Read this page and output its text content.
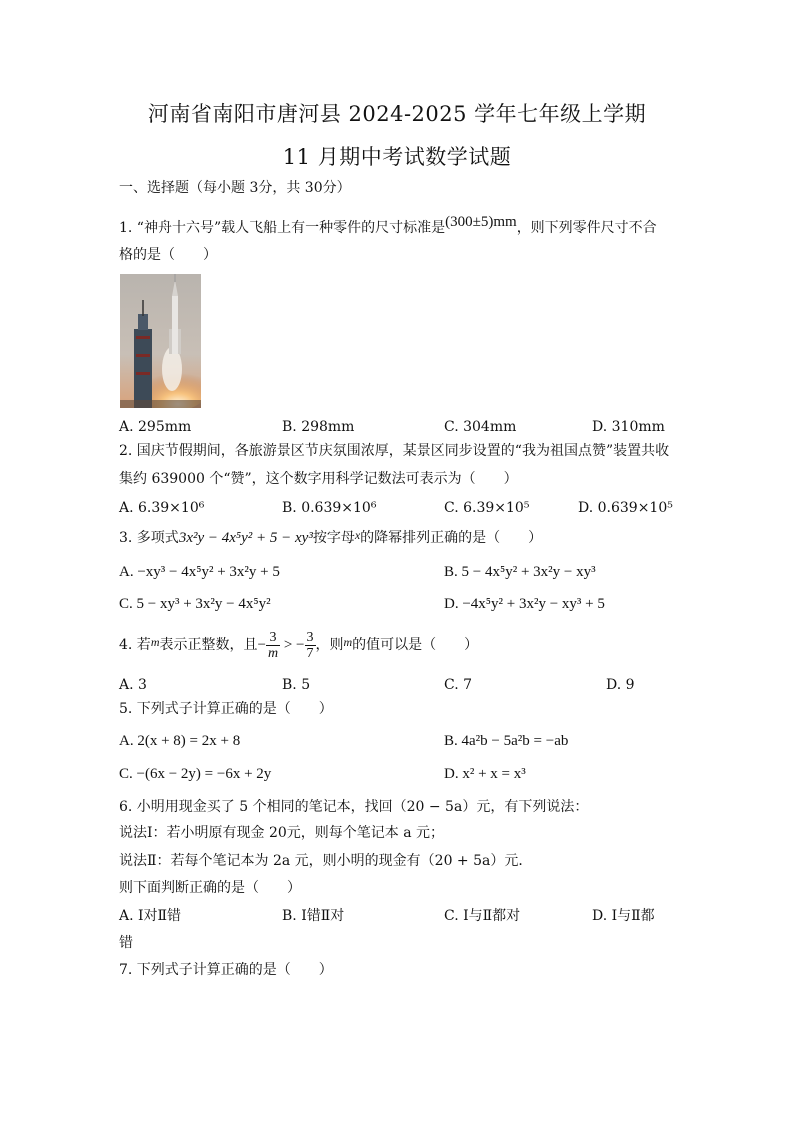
河南省南阳市唐河县 2024-2025 学年七年级上学期
11 月期中考试数学试题
一、选择题（每小题 3分，共 30分）
1. “神舟十六号”载人飞船上有一种零件的尺寸标准是(300±5)mm，则下列零件尺寸不合
格的是（　　）
A. 295mm	B. 298mm	C. 304mm	D. 310mm
2. 国庆节假期间，各旅游景区节庆氛围浓厚，某景区同步设置的“我为祖国点赞”装置共收
集约 639000 个“赞”，这个数字用科学记数法可表示为（　　）
A. 6.39×10⁶	B. 0.639×10⁶	C. 6.39×10⁵	D. 0.639×10⁵
3. 多项式3x²y − 4x⁵y² + 5 − xy³按字母x的降幂排列正确的是（　　）
A. −xy³ − 4x⁵y² + 3x²y + 5	B. 5 − 4x⁵y² + 3x²y − xy³
C. 5 − xy³ + 3x²y − 4x⁵y²	D. −4x⁵y² + 3x²y − xy³ + 5
4. 若m表示正整数，且− $\frac{3}{m}$ > − $\frac{3}{7}$ ，则m的值可以是（　　）
A. 3	B. 5	C. 7	D. 9
5. 下列式子计算正确的是（　　）
A. 2(x + 8) = 2x + 8	B. 4a²b − 5a²b = −ab
C. −(6x − 2y) = −6x + 2y	D. x² + x = x³
6. 小明用现金买了 5 个相同的笔记本，找回（20 − 5a）元，有下列说法：
说法Ⅰ：若小明原有现金 20元，则每个笔记本 a 元；
说法Ⅱ：若每个笔记本为 2a 元，则小明的现金有（20 + 5a）元．
则下面判断正确的是（　　）
A. Ⅰ对Ⅱ错	B. Ⅰ错Ⅱ对	C. Ⅰ与Ⅱ都对	D. Ⅰ与Ⅱ都
错
7. 下列式子计算正确的是（　　）
